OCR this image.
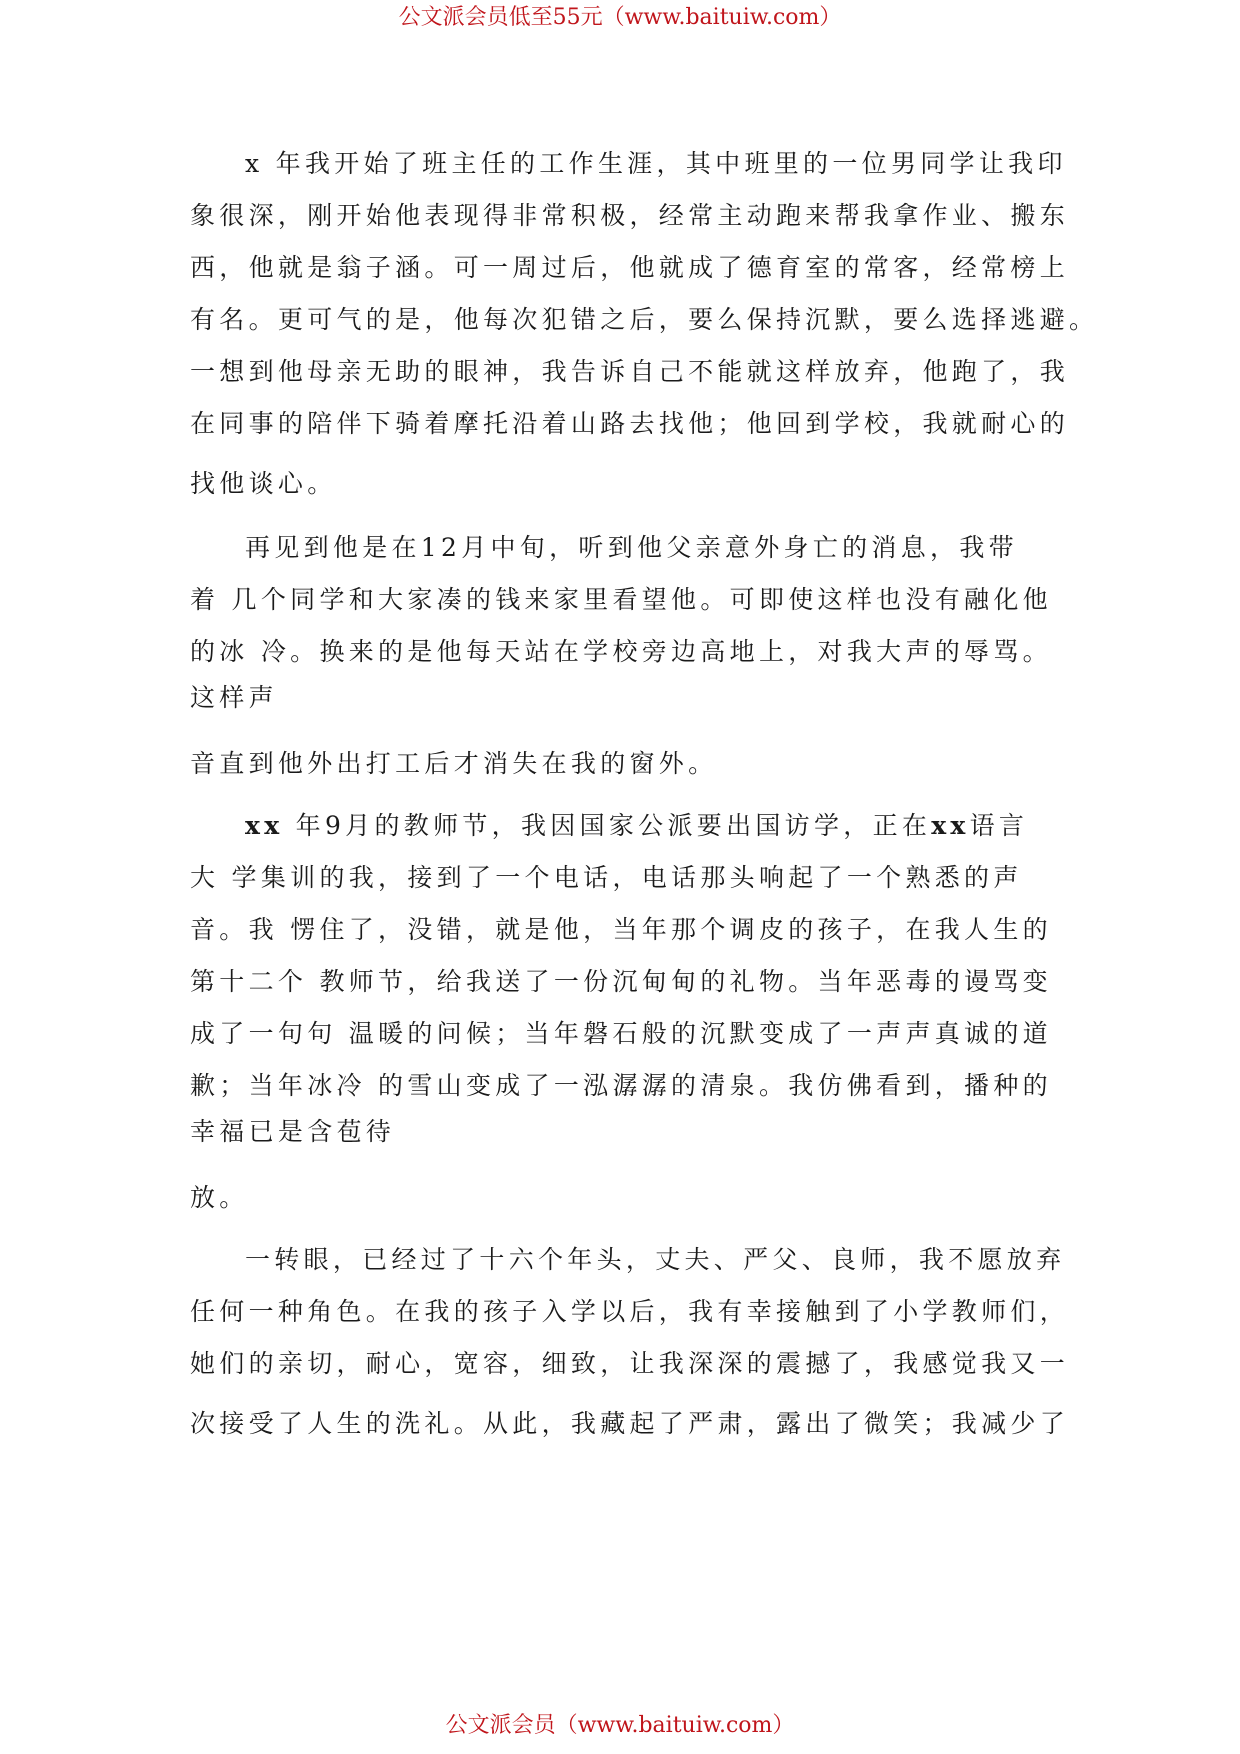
公文派会员低至55元（www.baituiw.com）
x 年我开始了班主任的工作生涯，其中班里的一位男同学让我印
象很深，刚开始他表现得非常积极，经常主动跑来帮我拿作业、搬东
西，他就是翁子涵。可一周过后，他就成了德育室的常客，经常榜上
有名。更可气的是，他每次犯错之后，要么保持沉默，要么选择逃避。
一想到他母亲无助的眼神，我告诉自己不能就这样放弃，他跑了，我
在同事的陪伴下骑着摩托沿着山路去找他；他回到学校，我就耐心的
找他谈心。
再见到他是在12月中旬，听到他父亲意外身亡的消息，我带
着 几个同学和大家凑的钱来家里看望他。可即使这样也没有融化他
的冰 冷。换来的是他每天站在学校旁边高地上，对我大声的辱骂。
这样声
音直到他外出打工后才消失在我的窗外。
xx 年9月的教师节，我因国家公派要出国访学，正在xx语言
大 学集训的我，接到了一个电话，电话那头响起了一个熟悉的声
音。我 愣住了，没错，就是他，当年那个调皮的孩子，在我人生的
第十二个 教师节，给我送了一份沉甸甸的礼物。当年恶毒的谩骂变
成了一句句 温暖的问候；当年磐石般的沉默变成了一声声真诚的道
歉；当年冰冷 的雪山变成了一泓潺潺的清泉。我仿佛看到，播种的
幸福已是含苞待
放。
一转眼，已经过了十六个年头，丈夫、严父、良师，我不愿放弃
任何一种角色。在我的孩子入学以后，我有幸接触到了小学教师们，
她们的亲切，耐心，宽容，细致，让我深深的震撼了，我感觉我又一
次接受了人生的洗礼。从此，我藏起了严肃，露出了微笑；我减少了
公文派会员（www.baituiw.com）
